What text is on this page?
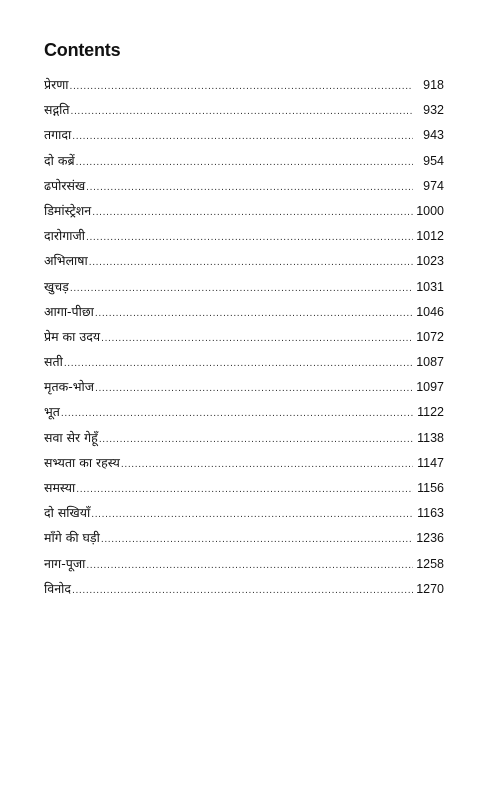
Contents
प्रेरणा .....	918
सद्गति .....	932
तगादा .....	943
दो कब्रें .....	954
ढपोरसंख .....	974
डिमांस्ट्रेशन .....	1000
दारोगाजी .....	1012
अभिलाषा .....	1023
खुचड़ .....	1031
आगा-पीछा .....	1046
प्रेम का उदय .....	1072
सती .....	1087
मृतक-भोज .....	1097
भूत .....	1122
सवा सेर गेहूँ .....	1138
सभ्यता का रहस्य .....	1147
समस्या .....	1156
दो सखियाँ .....	1163
माँगे की घड़ी .....	1236
नाग-पूजा .....	1258
विनोद .....	1270
